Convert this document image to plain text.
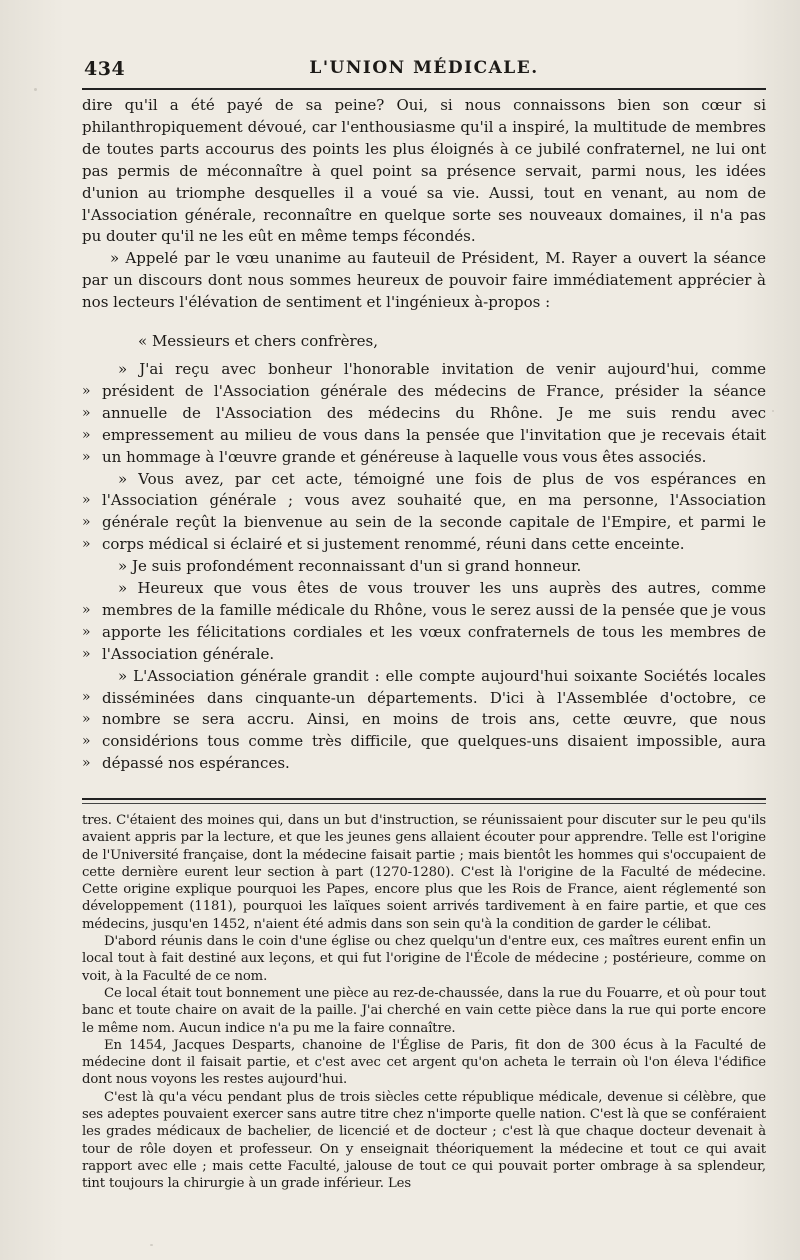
434	L'UNION MÉDICALE.

dire qu'il a été payé de sa peine? Oui, si nous connaissons bien son cœur si philanthropiquement dévoué, car l'enthousiasme qu'il a inspiré, la multitude de membres de toutes parts accourus des points les plus éloignés à ce jubilé confraternel, ne lui ont pas permis de méconnaître à quel point sa présence servait, parmi nous, les idées d'union au triomphe desquelles il a voué sa vie. Aussi, tout en venant, au nom de l'Association générale, reconnaître en quelque sorte ses nouveaux domaines, il n'a pas pu douter qu'il ne les eût en même temps fécondés.

» Appelé par le vœu unanime au fauteuil de Président, M. Rayer a ouvert la séance par un discours dont nous sommes heureux de pouvoir faire immédiatement apprécier à nos lecteurs l'élévation de sentiment et l'ingénieux à-propos :

« Messieurs et chers confrères,

»
»
»
»

»
»
»

»
»
»

»
»
»
»

» J'ai reçu avec bonheur l'honorable invitation de venir aujourd'hui, comme président de l'Association générale des médecins de France, présider la séance annuelle de l'Association des médecins du Rhône. Je me suis rendu avec empressement au milieu de vous dans la pensée que l'invitation que je recevais était un hommage à l'œuvre grande et généreuse à laquelle vous vous êtes associés.

» Vous avez, par cet acte, témoigné une fois de plus de vos espérances en l'Association générale ; vous avez souhaité que, en ma personne, l'Association générale reçût la bienvenue au sein de la seconde capitale de l'Empire, et parmi le corps médical si éclairé et si justement renommé, réuni dans cette enceinte.

» Je suis profondément reconnaissant d'un si grand honneur.

» Heureux que vous êtes de vous trouver les uns auprès des autres, comme membres de la famille médicale du Rhône, vous le serez aussi de la pensée que je vous apporte les félicitations cordiales et les vœux confraternels de tous les membres de l'Association générale.

» L'Association générale grandit : elle compte aujourd'hui soixante Sociétés locales disséminées dans cinquante-un départements. D'ici à l'Assemblée d'octobre, ce nombre se sera accru. Ainsi, en moins de trois ans, cette œuvre, que nous considérions tous comme très difficile, que quelques-uns disaient impossible, aura dépassé nos espérances.

tres. C'étaient des moines qui, dans un but d'instruction, se réunissaient pour discuter sur le peu qu'ils avaient appris par la lecture, et que les jeunes gens allaient écouter pour apprendre. Telle est l'origine de l'Université française, dont la médecine faisait partie ; mais bientôt les hommes qui s'occupaient de cette dernière eurent leur section à part (1270-1280). C'est là l'origine de la Faculté de médecine. Cette origine explique pourquoi les Papes, encore plus que les Rois de France, aient réglementé son développement (1181), pourquoi les laïques soient arrivés tardivement à en faire partie, et que ces médecins, jusqu'en 1452, n'aient été admis dans son sein qu'à la condition de garder le célibat.

D'abord réunis dans le coin d'une église ou chez quelqu'un d'entre eux, ces maîtres eurent enfin un local tout à fait destiné aux leçons, et qui fut l'origine de l'École de médecine ; postérieure, comme on voit, à la Faculté de ce nom.

Ce local était tout bonnement une pièce au rez-de-chaussée, dans la rue du Fouarre, et où pour tout banc et toute chaire on avait de la paille. J'ai cherché en vain cette pièce dans la rue qui porte encore le même nom. Aucun indice n'a pu me la faire connaître.

En 1454, Jacques Desparts, chanoine de l'Église de Paris, fit don de 300 écus à la Faculté de médecine dont il faisait partie, et c'est avec cet argent qu'on acheta le terrain où l'on éleva l'édifice dont nous voyons les restes aujourd'hui.

C'est là qu'a vécu pendant plus de trois siècles cette république médicale, devenue si célèbre, que ses adeptes pouvaient exercer sans autre titre chez n'importe quelle nation. C'est là que se conféraient les grades médicaux de bachelier, de licencié et de docteur ; c'est là que chaque docteur devenait à tour de rôle doyen et professeur. On y enseignait théoriquement la médecine et tout ce qui avait rapport avec elle ; mais cette Faculté, jalouse de tout ce qui pouvait porter ombrage à sa splendeur, tint toujours la chirurgie à un grade inférieur. Les
